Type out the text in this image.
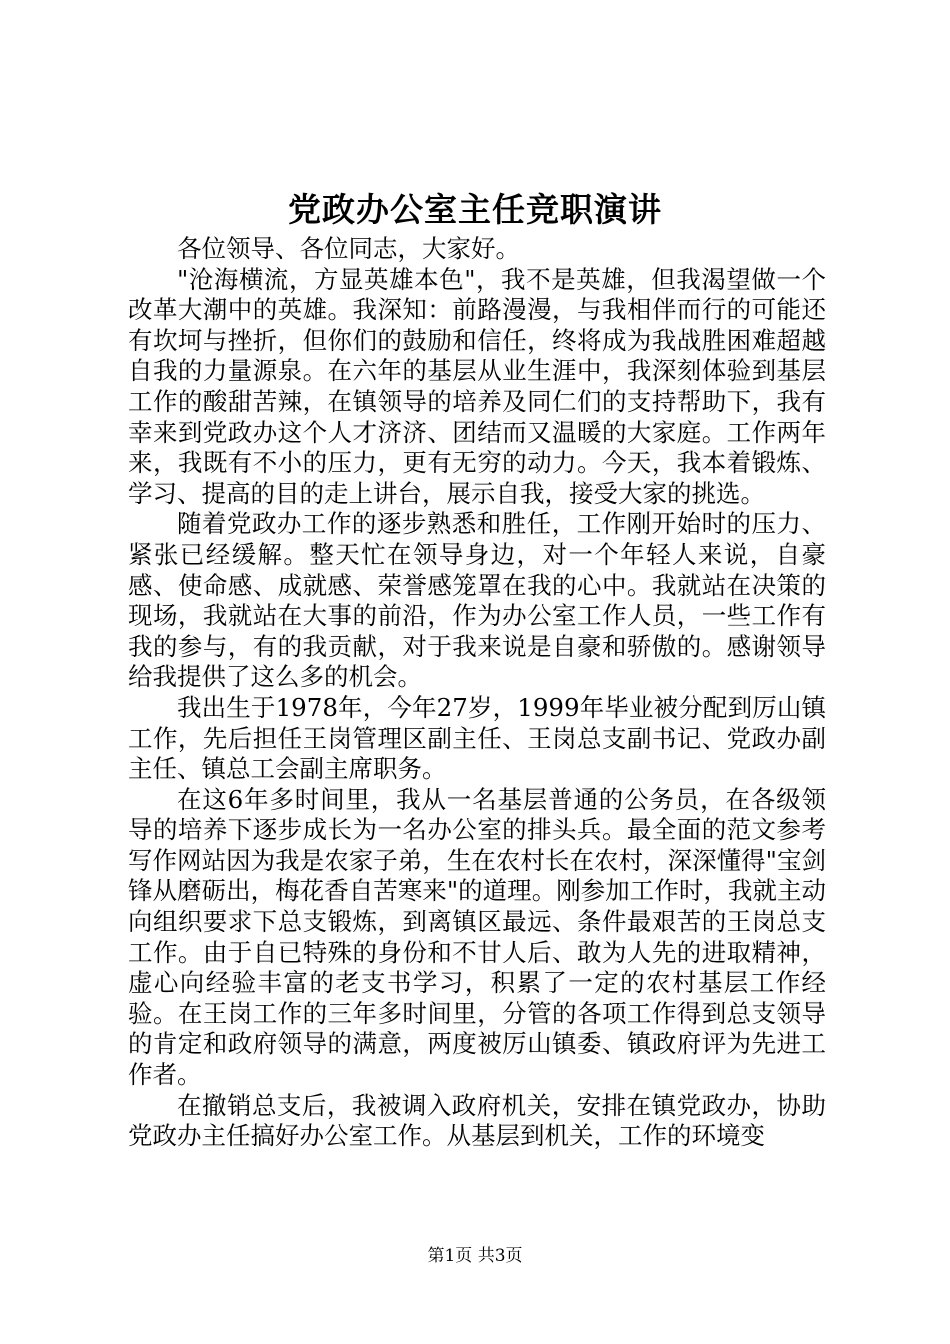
党政办公室主任竞职演讲

各位领导、各位同志，大家好。

"沧海横流，方显英雄本色"，我不是英雄，但我渴望做一个改革大潮中的英雄。我深知：前路漫漫，与我相伴而行的可能还有坎坷与挫折，但你们的鼓励和信任，终将成为我战胜困难超越自我的力量源泉。在六年的基层从业生涯中，我深刻体验到基层工作的酸甜苦辣，在镇领导的培养及同仁们的支持帮助下，我有幸来到党政办这个人才济济、团结而又温暖的大家庭。工作两年来，我既有不小的压力，更有无穷的动力。今天，我本着锻炼、学习、提高的目的走上讲台，展示自我，接受大家的挑选。

随着党政办工作的逐步熟悉和胜任，工作刚开始时的压力、紧张已经缓解。整天忙在领导身边，对一个年轻人来说，自豪感、使命感、成就感、荣誉感笼罩在我的心中。我就站在决策的现场，我就站在大事的前沿，作为办公室工作人员，一些工作有我的参与，有的我贡献，对于我来说是自豪和骄傲的。感谢领导给我提供了这么多的机会。

我出生于1978年，今年27岁，1999年毕业被分配到厉山镇工作，先后担任王岗管理区副主任、王岗总支副书记、党政办副主任、镇总工会副主席职务。

在这6年多时间里，我从一名基层普通的公务员，在各级领导的培养下逐步成长为一名办公室的排头兵。最全面的范文参考写作网站因为我是农家子弟，生在农村长在农村，深深懂得"宝剑锋从磨砺出，梅花香自苦寒来"的道理。刚参加工作时，我就主动向组织要求下总支锻炼，到离镇区最远、条件最艰苦的王岗总支工作。由于自已特殊的身份和不甘人后、敢为人先的进取精神，虚心向经验丰富的老支书学习，积累了一定的农村基层工作经验。在王岗工作的三年多时间里，分管的各项工作得到总支领导的肯定和政府领导的满意，两度被厉山镇委、镇政府评为先进工作者。

在撤销总支后，我被调入政府机关，安排在镇党政办，协助党政办主任搞好办公室工作。从基层到机关，工作的环境变

第1页 共3页
